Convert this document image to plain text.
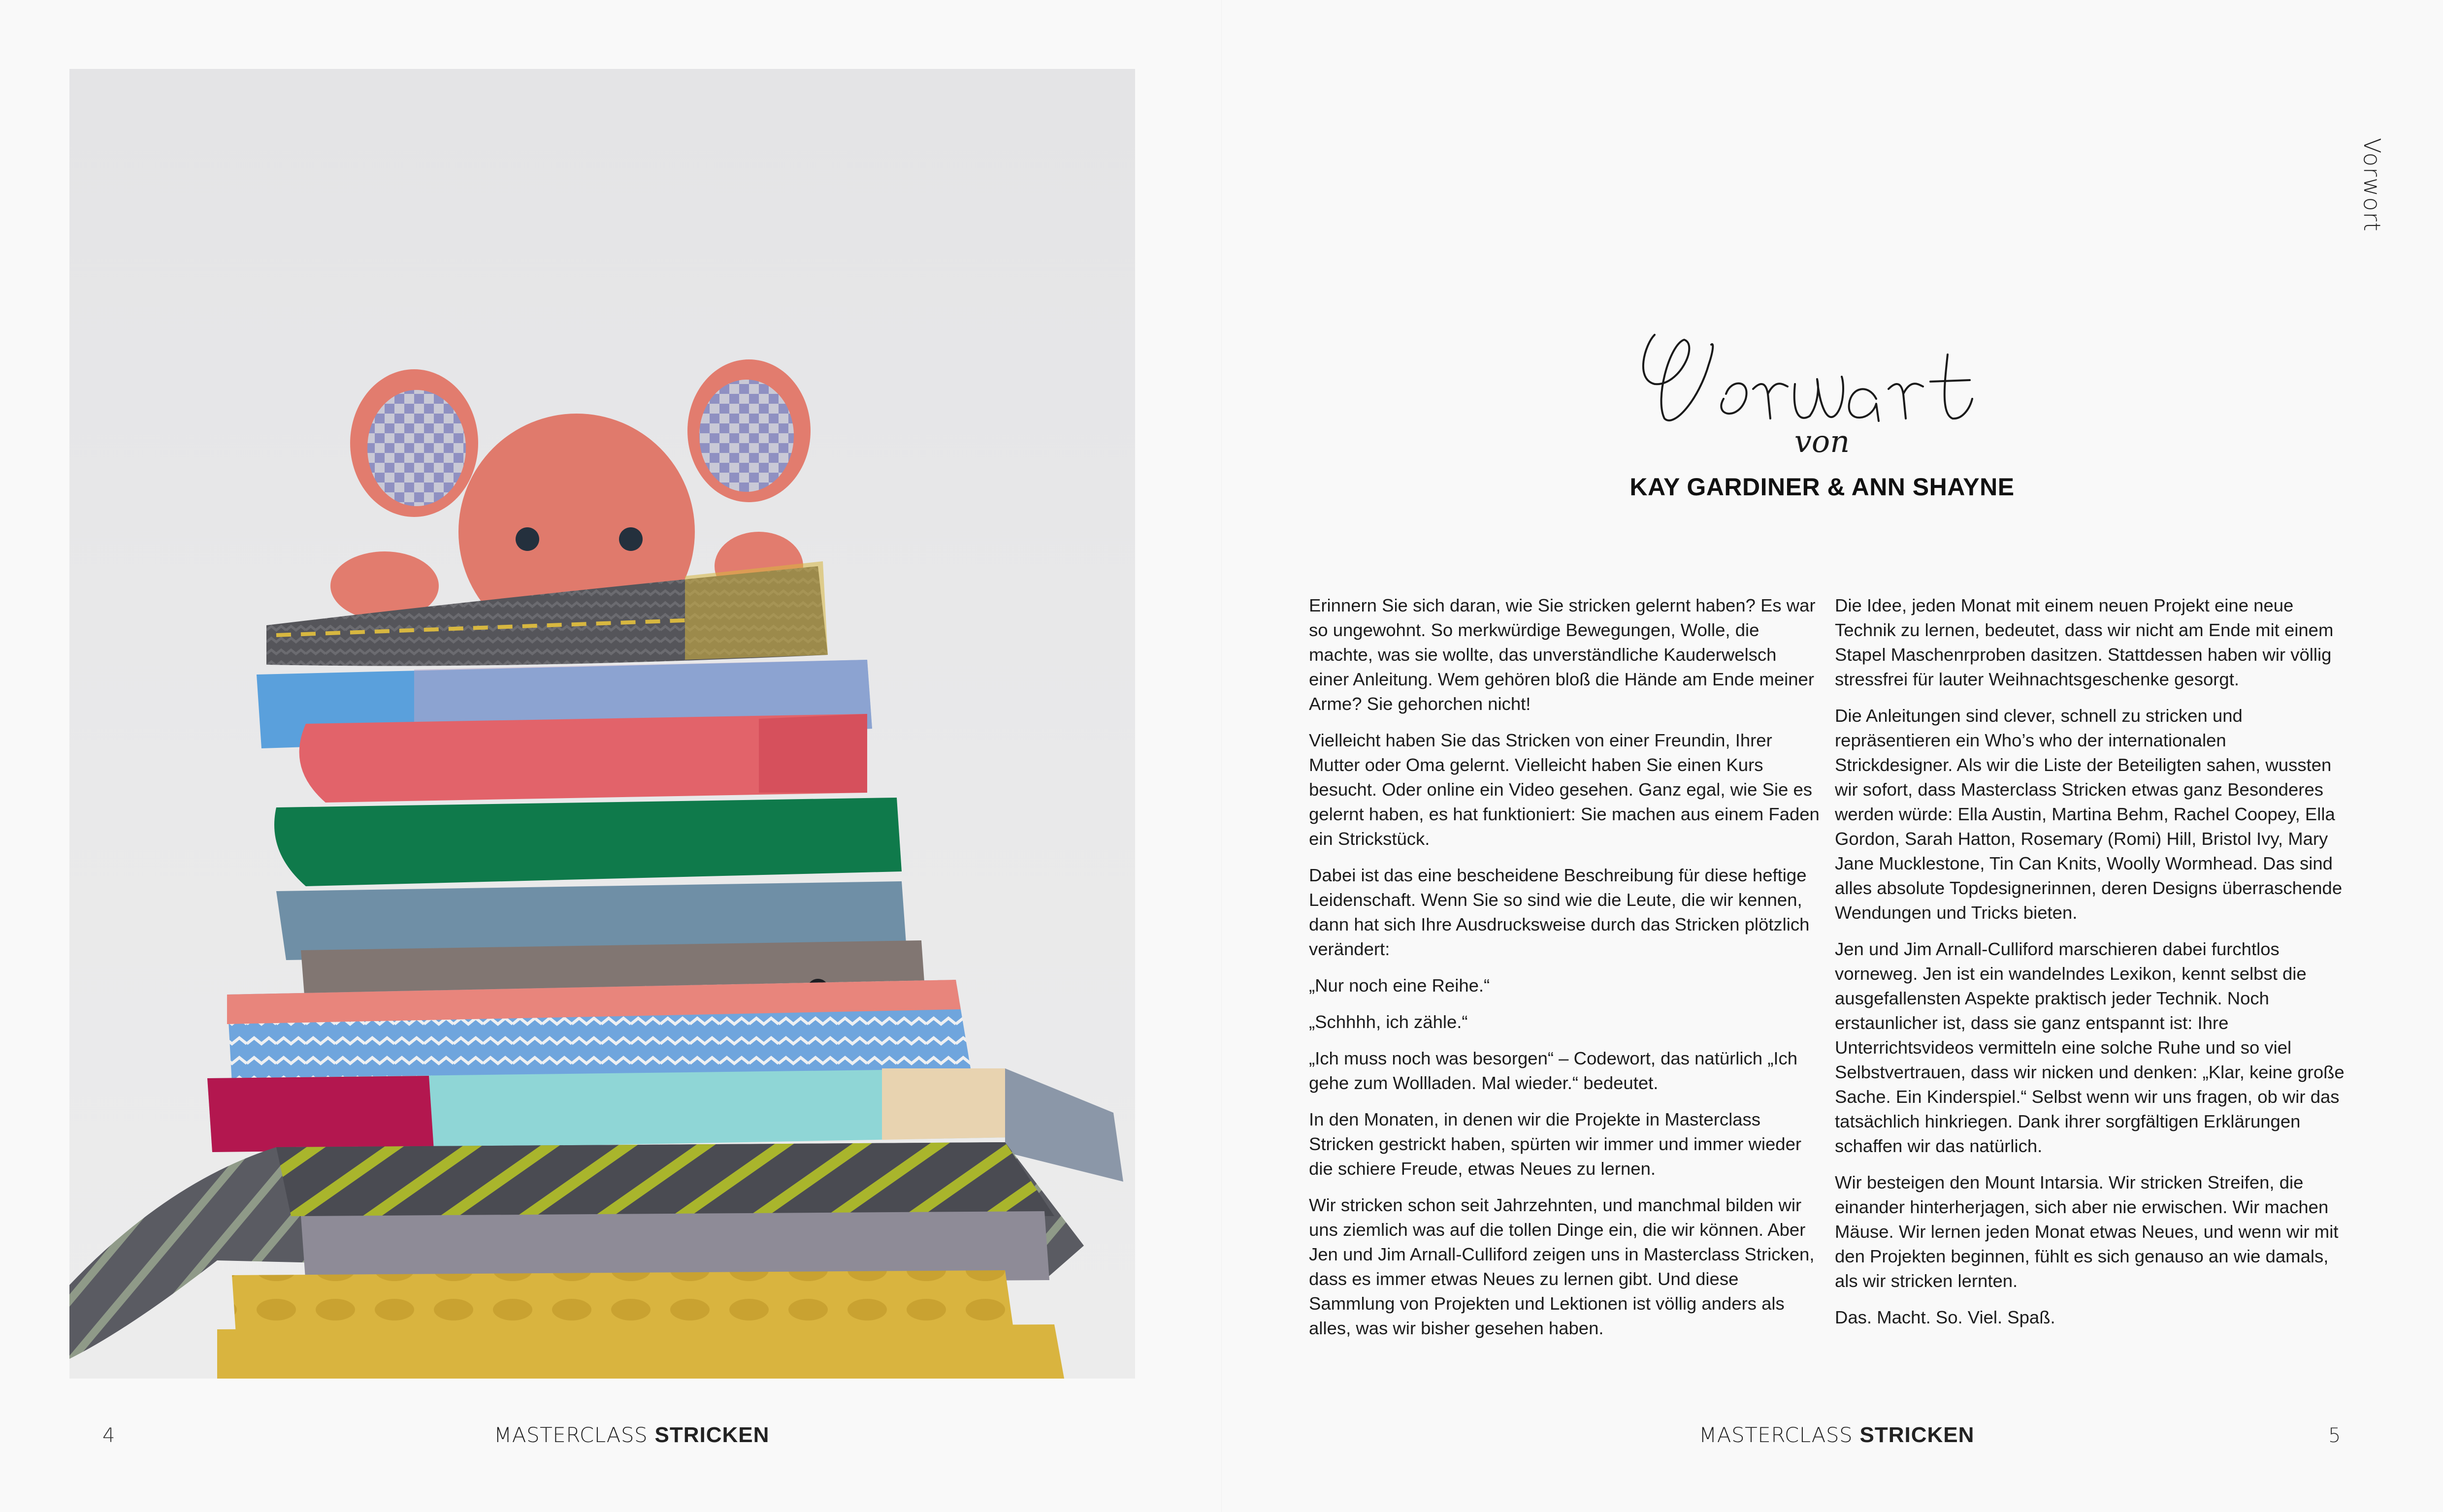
4	MASTERCLASS STRICKEN
Vorwort
von
KAY GARDINER & ANN SHAYNE

Erinnern Sie sich daran, wie Sie stricken gelernt haben? Es war so ungewohnt. So merkwürdige Bewegungen, Wolle, die machte, was sie wollte, das unverständliche Kauderwelsch einer Anleitung. Wem gehören bloß die Hände am Ende meiner Arme? Sie gehorchen nicht!

Vielleicht haben Sie das Stricken von einer Freundin, Ihrer Mutter oder Oma gelernt. Vielleicht haben Sie einen Kurs besucht. Oder online ein Video gesehen. Ganz egal, wie Sie es gelernt haben, es hat funktioniert: Sie machen aus einem Faden ein Strickstück.

Dabei ist das eine bescheidene Beschreibung für diese heftige Leidenschaft. Wenn Sie so sind wie die Leute, die wir kennen, dann hat sich Ihre Ausdrucksweise durch das Stricken plötzlich verändert:

„Nur noch eine Reihe.“

„Schhhh, ich zähle.“

„Ich muss noch was besorgen“ – Codewort, das natürlich „Ich gehe zum Wollladen. Mal wieder.“ bedeutet.

In den Monaten, in denen wir die Projekte in Masterclass Stricken gestrickt haben, spürten wir immer und immer wieder die schiere Freude, etwas Neues zu lernen.

Wir stricken schon seit Jahrzehnten, und manchmal bilden wir uns ziemlich was auf die tollen Dinge ein, die wir können. Aber Jen und Jim Arnall-Culliford zeigen uns in Masterclass Stricken, dass es immer etwas Neues zu lernen gibt. Und diese Sammlung von Projekten und Lektionen ist völlig anders als alles, was wir bisher gesehen haben.

Die Idee, jeden Monat mit einem neuen Projekt eine neue Technik zu lernen, bedeutet, dass wir nicht am Ende mit einem Stapel Maschenrproben dasitzen. Stattdessen haben wir völlig stressfrei für lauter Weihnachtsgeschenke gesorgt.

Die Anleitungen sind clever, schnell zu stricken und repräsentieren ein Who’s who der internationalen Strickdesigner. Als wir die Liste der Beteiligten sahen, wussten wir sofort, dass Masterclass Stricken etwas ganz Besonderes werden würde: Ella Austin, Martina Behm, Rachel Coopey, Ella Gordon, Sarah Hatton, Rosemary (Romi) Hill, Bristol Ivy, Mary Jane Mucklestone, Tin Can Knits, Woolly Wormhead. Das sind alles absolute Topdesignerinnen, deren Designs überraschende Wendungen und Tricks bieten.

Jen und Jim Arnall-Culliford marschieren dabei furchtlos vorneweg. Jen ist ein wandelndes Lexikon, kennt selbst die ausgefallensten Aspekte praktisch jeder Technik. Noch erstaunlicher ist, dass sie ganz entspannt ist: Ihre Unterrichtsvideos vermitteln eine solche Ruhe und so viel Selbstvertrauen, dass wir nicken und denken: „Klar, keine große Sache. Ein Kinderspiel.“ Selbst wenn wir uns fragen, ob wir das tatsächlich hinkriegen. Dank ihrer sorgfältigen Erklärungen schaffen wir das natürlich.

Wir besteigen den Mount Intarsia. Wir stricken Streifen, die einander hinterherjagen, sich aber nie erwischen. Wir machen Mäuse. Wir lernen jeden Monat etwas Neues, und wenn wir mit den Projekten beginnen, fühlt es sich genauso an wie damals, als wir stricken lernten.

Das. Macht. So. Viel. Spaß.

MASTERCLASS STRICKEN	5
